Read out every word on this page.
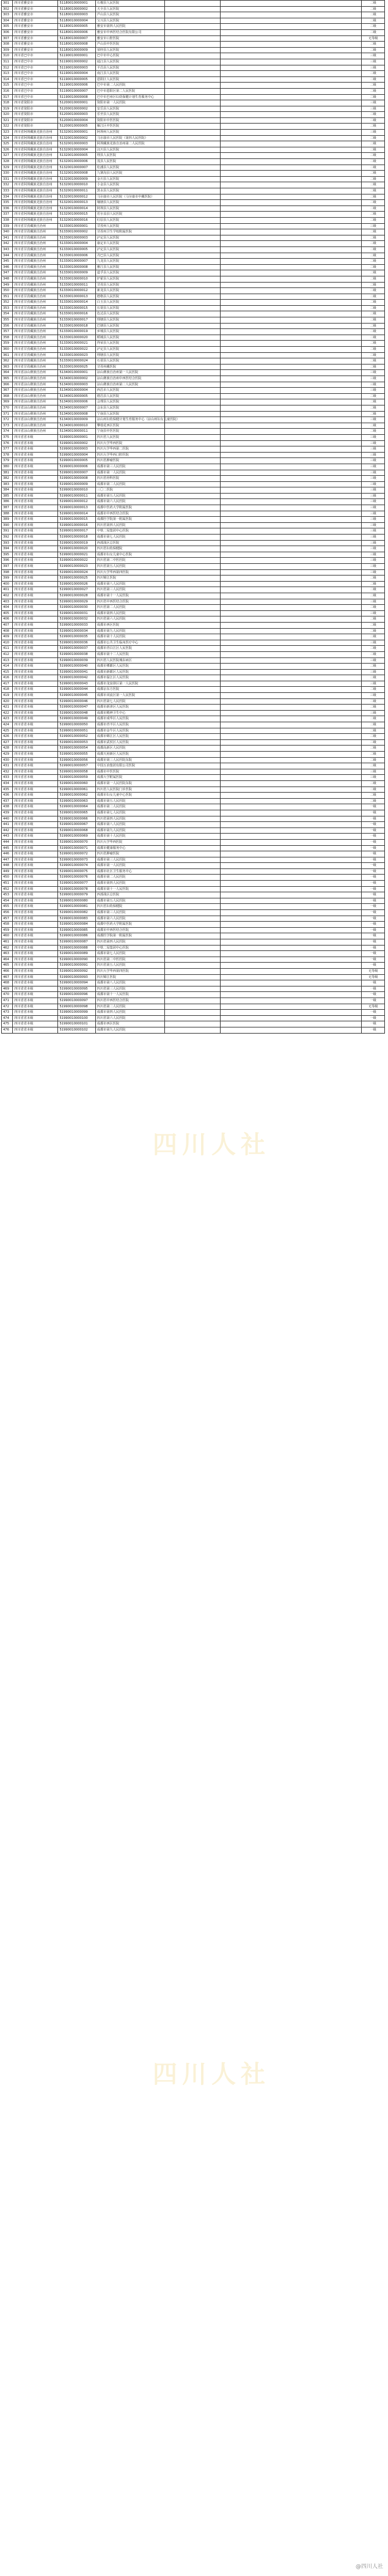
301	四川省雅安市	51180010000001	石棉县人民医院			二级
302	四川省雅安市	51180010000002	天全县人民医院			二级
303	四川省雅安市	51180010000003	芦山县人民医院			二级
304	四川省雅安市	51180010000004	宝兴县人民医院			二级
305	四川省雅安市	51180010000005	雅安市第四人民医院			二级
306	四川省雅安市	51180010000006	雅安市中西医结合医院有限公司			二级
307	四川省雅安市	51180010000007	雅安市口腔医院			无等级
308	四川省雅安市	51180010000008	芦山县中医医院			二级
309	四川省雅安市	51180010000009	荥经县人民医院			二级
310	四川省巴中市	51190010000001	巴中市中心医院			三级
311	四川省巴中市	51190010000002	通江县人民医院			三级
312	四川省巴中市	51190010000003	平昌县人民医院			三级
313	四川省巴中市	51190010000004	南江县人民医院			二级
314	四川省巴中市	51190010000005	恩阳区人民医院			二级
315	四川省巴中市	51190010000006	巴中市第二人民医院			二级
316	四川省巴中市	51190010000007	巴中市恩阳区第二人民医院			二级
317	四川省巴中市	51190010000008	巴中市巴州区妇幼保健计划生育服务中心			二级
318	四川省资阳市	51200010000001	资阳市第一人民医院			三级
319	四川省资阳市	51200010000002	安岳县人民医院			三级
320	四川省资阳市	51200010000003	乐至县人民医院			二级
321	四川省资阳市	51200010000004	资阳市中医医院			二级
322	四川省资阳市	51200010000005	雁江区中医医院			二级
323	四川省阿坝藏族羌族自治州	51320010000001	阿坝州人民医院			三级
324	四川省阿坝藏族羌族自治州	51320010000002	马尔康市人民医院（第四人民医院）			二级
325	四川省阿坝藏族羌族自治州	51320010000003	阿坝藏族羌族自治州第二人民医院			二级
326	四川省阿坝藏族羌族自治州	51320010000004	汶川县人民医院			二级
327	四川省阿坝藏族羌族自治州	51320010000005	理县人民医院			二级
328	四川省阿坝藏族羌族自治州	51320010000006	茂县人民医院			二级
329	四川省阿坝藏族羌族自治州	51320010000007	松潘县人民医院			二级
330	四川省阿坝藏族羌族自治州	51320010000008	九寨沟县人民医院			二级
331	四川省阿坝藏族羌族自治州	51320010000009	金川县人民医院			二级
332	四川省阿坝藏族羌族自治州	51320010000010	小金县人民医院			二级
333	四川省阿坝藏族羌族自治州	51320010000011	黑水县人民医院			二级
334	四川省阿坝藏族羌族自治州	51320010000012	马尔康市人民医院（马尔康市中藏医院）			二级
335	四川省阿坝藏族羌族自治州	51320010000013	壤塘县人民医院			二级
336	四川省阿坝藏族羌族自治州	51320010000014	阿坝县人民医院			二级
337	四川省阿坝藏族羌族自治州	51320010000015	若尔盖县人民医院			二级
338	四川省阿坝藏族羌族自治州	51320010000016	红原县人民医院			二级
339	四川省甘孜藏族自治州	51330010000001	甘孜州人民医院			三级
340	四川省甘孜藏族自治州	51330010000002	甘孜州卫生学校附属医院			二级
341	四川省甘孜藏族自治州	51330010000003	泸定县人民医院			二级
342	四川省甘孜藏族自治州	51330010000004	康定市人民医院			二级
343	四川省甘孜藏族自治州	51330010000005	泸定县人民医院			二级
344	四川省甘孜藏族自治州	51330010000006	丹巴县人民医院			二级
345	四川省甘孜藏族自治州	51330010000007	九龙县人民医院			二级
346	四川省甘孜藏族自治州	51330010000008	雅江县人民医院			二级
347	四川省甘孜藏族自治州	51330010000009	道孚县人民医院			二级
348	四川省甘孜藏族自治州	51330010000010	炉霍县人民医院			二级
349	四川省甘孜藏族自治州	51330010000011	甘孜县人民医院			二级
350	四川省甘孜藏族自治州	51330010000012	新龙县人民医院			二级
351	四川省甘孜藏族自治州	51330010000013	德格县人民医院			二级
352	四川省甘孜藏族自治州	51330010000014	白玉县人民医院			二级
353	四川省甘孜藏族自治州	51330010000015	石渠县人民医院			二级
354	四川省甘孜藏族自治州	51330010000016	色达县人民医院			二级
355	四川省甘孜藏族自治州	51330010000017	理塘县人民医院			二级
356	四川省甘孜藏族自治州	51330010000018	巴塘县人民医院			二级
357	四川省甘孜藏族自治州	51330010000019	乡城县人民医院			二级
358	四川省甘孜藏族自治州	51330010000020	稻城县人民医院			二级
359	四川省甘孜藏族自治州	51330010000021	得荣县人民医院			二级
360	四川省甘孜藏族自治州	51330010000022	泸定县人民医院			二级
361	四川省甘孜藏族自治州	51330010000023	理塘县人民医院			二级
362	四川省甘孜藏族自治州	51330010000024	石渠县人民医院			二级
363	四川省甘孜藏族自治州	51330010000025	甘孜州藏医院			二级
364	四川省凉山彝族自治州	51340010000001	凉山彝族自治州第一人民医院			三级
365	四川省凉山彝族自治州	51340010000002	凉山彝族自治州中西医结合医院			三级
366	四川省凉山彝族自治州	51340010000003	凉山彝族自治州第二人民医院			三级
367	四川省凉山彝族自治州	51340010000004	西昌市人民医院			三级
368	四川省凉山彝族自治州	51340010000005	德昌县人民医院			二级
369	四川省凉山彝族自治州	51340010000006	会理县人民医院			二级
370	四川省凉山彝族自治州	51340010000007	会东县人民医院			二级
371	四川省凉山彝族自治州	51340010000008	宁南县人民医院			二级
372	四川省凉山彝族自治州	51340010000009	凉山州妇幼保健计划生育服务中心（凉山州妇女儿童医院）			三级
373	四川省凉山彝族自治州	51340010000010	攀枝花西区医院			二级
374	四川省凉山彝族自治州	51340010000011	宁南县中医医院			二级
375	四川省省本级	51990010000001	四川省人民医院			三级
376	四川省省本级	51990010000002	四川大学华西医院			三级
377	四川省省本级	51990010000003	四川大学华西第二医院			三级
378	四川省省本级	51990010000004	四川大学华西口腔医院			三级
379	四川省省本级	51990010000005	四川省肿瘤医院			三级
380	四川省省本级	51990010000006	成都市第三人民医院			三级
381	四川省省本级	51990010000007	成都市第一人民医院			三级
382	四川省省本级	51990010000008	四川省骨科医院			三级
383	四川省省本级	51990010000009	成都市第二人民医院			三级
384	四川省省本级	51990010000010	三〇二医院			三级
385	四川省省本级	51990010000011	成都市第五人民医院			三级
386	四川省省本级	51990010000012	成都市第六人民医院			三级
387	四川省省本级	51990010000013	成都中医药大学附属医院			三级
388	四川省省本级	51990010000014	成都市中西医结合医院			三级
389	四川省省本级	51990010000015	成都医学院第一附属医院			三级
390	四川省省本级	51990010000016	四川省第四人民医院			三级
391	四川省省本级	51990010000017	中铁二局集团中心医院			三级
392	四川省省本级	51990010000018	成都市第七人民医院			三级
393	四川省省本级	51990010000019	西部战区总医院			三级
394	四川省省本级	51990010000020	四川省妇幼保健院			三级
395	四川省省本级	51990010000021	成都市妇女儿童中心医院			三级
396	四川省省本级	51990010000022	四川省第二中医医院			三级
397	四川省省本级	51990010000023	四川省第五人民医院			三级
398	四川省省本级	51990010000024	四川大学华西第四医院			三级
399	四川省省本级	51990010000025	四川锦江医院			二级
400	四川省省本级	51990010000026	成都市第八人民医院			二级
401	四川省省本级	51990010000027	四川省第三人民医院			二级
402	四川省省本级	51990010000028	成都市第十一人民医院			二级
403	四川省省本级	51990010000029	四川省中西医结合医院			三级
404	四川省省本级	51990010000030	四川省第二人民医院			二级
405	四川省省本级	51990010000031	成都市第四人民医院			三级
406	四川省省本级	51990010000032	四川省第六人民医院			二级
407	四川省省本级	51990010000033	成都市西区医院			二级
408	四川省省本级	51990010000034	成都市第九人民医院			二级
409	四川省省本级	51990010000035	成都市第十人民医院			二级
410	四川省省本级	51990010000036	成都市公共卫生临床医疗中心			三级
411	四川省省本级	51990010000037	成都市青白江区人民医院			二级
412	四川省省本级	51990010000038	成都市第十二人民医院			二级
413	四川省省本级	51990010000039	四川省人民医院城东病区			三级
414	四川省省本级	51990010000040	成都市郫都区人民医院			二级
415	四川省省本级	51990010000041	成都市新都区人民医院			三级
416	四川省省本级	51990010000042	成都市温江区人民医院			二级
417	四川省省本级	51990010000043	成都市龙泉驿区第一人民医院			三级
418	四川省省本级	51990010000044	成都京东方医院			二级
419	四川省省本级	51990010000045	成都市双流区第一人民医院			三级
420	四川省省本级	51990010000046	四川省第七人民医院			二级
421	四川省省本级	51990010000047	成都市新津区人民医院			二级
422	四川省省本级	51990010000048	成都市精神卫生中心			三级
423	四川省省本级	51990010000049	成都市成华区人民医院			二级
424	四川省省本级	51990010000050	成都市青羊区人民医院			二级
425	四川省省本级	51990010000051	成都市金牛区人民医院			二级
426	四川省省本级	51990010000052	成都市锦江区人民医院			二级
427	四川省省本级	51990010000053	成都市武侯区人民医院			二级
428	四川省省本级	51990010000054	成都高新区人民医院			二级
429	四川省省本级	51990010000055	成都天府新区人民医院			二级
430	四川省省本级	51990010000056	成都市第三人民医院东院			二级
431	四川省省本级	51990010000057	中国五冶集团有限公司医院			二级
432	四川省省本级	51990010000058	成都市中医医院			三级
433	四川省省本级	51990010000059	成都大学附属医院			三级
434	四川省省本级	51990010000060	成都市第一人民医院东院			二级
435	四川省省本级	51990010000061	四川省人民医院门诊医院			二级
436	四川省省本级	51990010000062	成都市妇女儿童中心医院			二级
437	四川省省本级	51990010000063	成都市第五人民医院			二级
438	四川省省本级	51990010000064	成都市第二人民医院			一级
439	四川省省本级	51990010000065	成都市第七人民医院			一级
440	四川省省本级	51990010000066	四川省第四人民医院			一级
441	四川省省本级	51990010000067	成都市第八人民医院			一级
442	四川省省本级	51990010000068	成都市第九人民医院			一级
443	四川省省本级	51990010000069	成都市第十人民医院			一级
444	四川省省本级	51990010000070	四川大学华西医院			一级
445	四川省省本级	51990010000071	成都市健康服务中心			一级
446	四川省省本级	51990010000072	四川省肿瘤医院			一级
447	四川省省本级	51990010000073	成都市第三人民医院			一级
448	四川省省本级	51990010000074	成都市第一人民医院			一级
449	四川省省本级	51990010000075	成都市社区卫生服务中心			一级
450	四川省省本级	51990010000076	成都市第二人民医院			一级
451	四川省省本级	51990010000077	成都市第四人民医院			一级
452	四川省省本级	51990010000078	成都市第十一人民医院			一级
453	四川省省本级	51990010000079	西部战区总医院			一级
454	四川省省本级	51990010000080	成都市第五人民医院			一级
455	四川省省本级	51990010000081	四川省妇幼保健院			一级
456	四川省省本级	51990010000082	成都市第三人民医院			一级
457	四川省省本级	51990010000083	成都市第六人民医院			一级
458	四川省省本级	51990010000084	成都中医药大学附属医院			一级
459	四川省省本级	51990010000085	成都市中西医结合医院			一级
460	四川省省本级	51990010000086	成都医学院第一附属医院			一级
461	四川省省本级	51990010000087	四川省第四人民医院			一级
462	四川省省本级	51990010000088	中铁二局集团中心医院			一级
463	四川省省本级	51990010000089	成都市第七人民医院			一级
464	四川省省本级	51990010000090	四川省第二中医医院			一级
465	四川省省本级	51990010000091	四川省第五人民医院			一级
466	四川省省本级	51990010000092	四川大学华西第四医院			无等级
467	四川省省本级	51990010000093	四川锦江医院			无等级
468	四川省省本级	51990010000094	成都市第八人民医院			一级
469	四川省省本级	51990010000095	四川省第三人民医院			一级
470	四川省省本级	51990010000096	成都市第十一人民医院			一级
471	四川省省本级	51990010000097	四川省中西医结合医院			一级
472	四川省省本级	51990010000098	四川省第二人民医院			无等级
473	四川省省本级	51990010000099	成都市第四人民医院			一级
474	四川省省本级	51990010000100	四川省第六人民医院			一级
475	四川省省本级	51990010000101	成都市西区医院			一级
476	四川省省本级	51990010000102	成都市第九人民医院			一级
四川人社
四川人社
@四川人社
